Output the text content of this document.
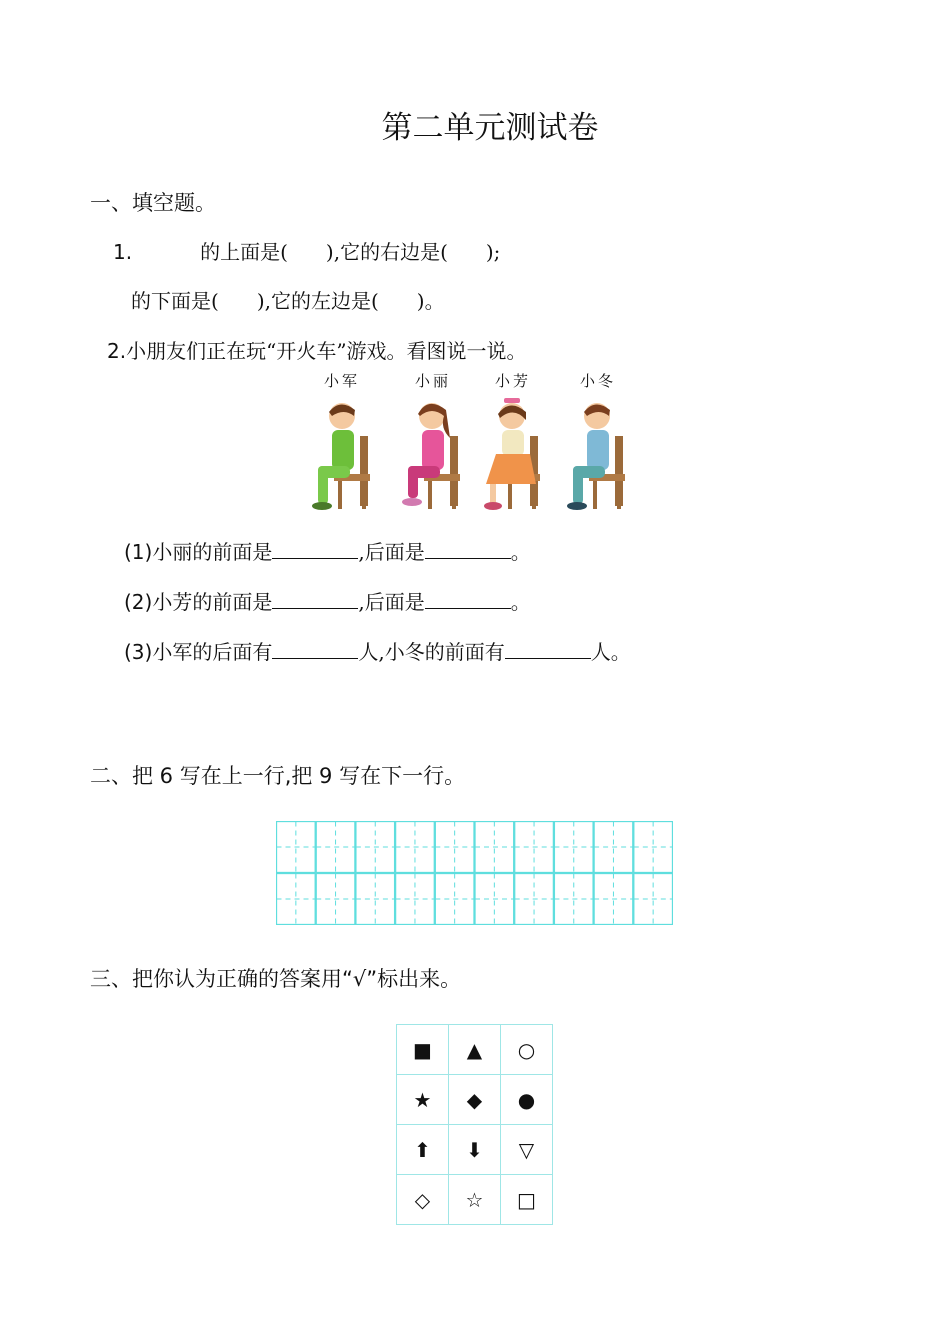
第二单元测试卷
一、填空题。
1.	的上面是( ),它的右边是( );
的下面是( ),它的左边是( )。
2.小朋友们正在玩“开火车”游戏。看图说一说。
小军	小丽	小芳	小冬
(1)小丽的前面是	,后面是	。
(2)小芳的前面是	,后面是	。
(3)小军的后面有	人,小冬的前面有	人。
二、把 6 写在上一行,把 9 写在下一行。
三、把你认为正确的答案用“√”标出来。
■	▲	○
★	◆	●
⬆	⬇	▽
◇	☆	□
